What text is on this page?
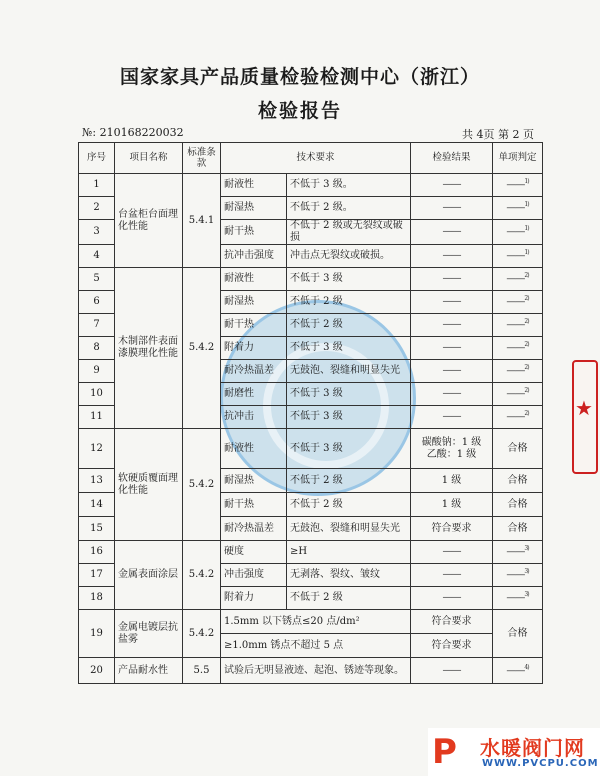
国家家具产品质量检验检测中心（浙江）
检验报告
№: 210168220032	共 4页 第 2 页
序号	项目名称	标准条款	技术要求		检验结果	单项判定
1	台盆柜台面理化性能	5.4.1	耐液性	不低于 3 级。	——	——$^{1)}$
2			耐湿热	不低于 2 级。	——	——$^{1)}$
3			耐干热	不低于 2 级或无裂纹或破损	——	——$^{1)}$
4			抗冲击强度	冲击点无裂纹或破损。	——	——$^{1)}$
5	木制部件表面漆膜理化性能	5.4.2	耐液性	不低于 3 级	——	——$^{2)}$
6			耐湿热	不低于 2 级	——	——$^{2)}$
7			耐干热	不低于 2 级	——	——$^{2)}$
8			附着力	不低于 3 级	——	——$^{2)}$
9			耐冷热温差	无鼓泡、裂缝和明显失光	——	——$^{2)}$
10			耐磨性	不低于 3 级	——	——$^{2)}$
11			抗冲击	不低于 3 级	——	——$^{2)}$
12	软硬质覆面理化性能	5.4.2	耐液性	不低于 3 级	碳酸钠：1 级
乙酸：1 级	合格
13			耐湿热	不低于 2 级	1 级	合格
14			耐干热	不低于 2 级	1 级	合格
15			耐冷热温差	无鼓泡、裂缝和明显失光	符合要求	合格
16	金属表面涂层	5.4.2	硬度	≥H	——	——$^{3)}$
17			冲击强度	无剥落、裂纹、皱纹	——	——$^{3)}$
18			附着力	不低于 2 级	——	——$^{3)}$
19	金属电镀层抗盐雾	5.4.2	1.5mm 以下锈点≤20 点/dm²		符合要求	合格
			≥1.0mm 锈点不超过 5 点		符合要求	
20	产品耐水性	5.5	试验后无明显液迹、起泡、锈迹等现象。		——	——$^{4)}$
★
P	水暖阀门网
WWW.PVCPU.COM
